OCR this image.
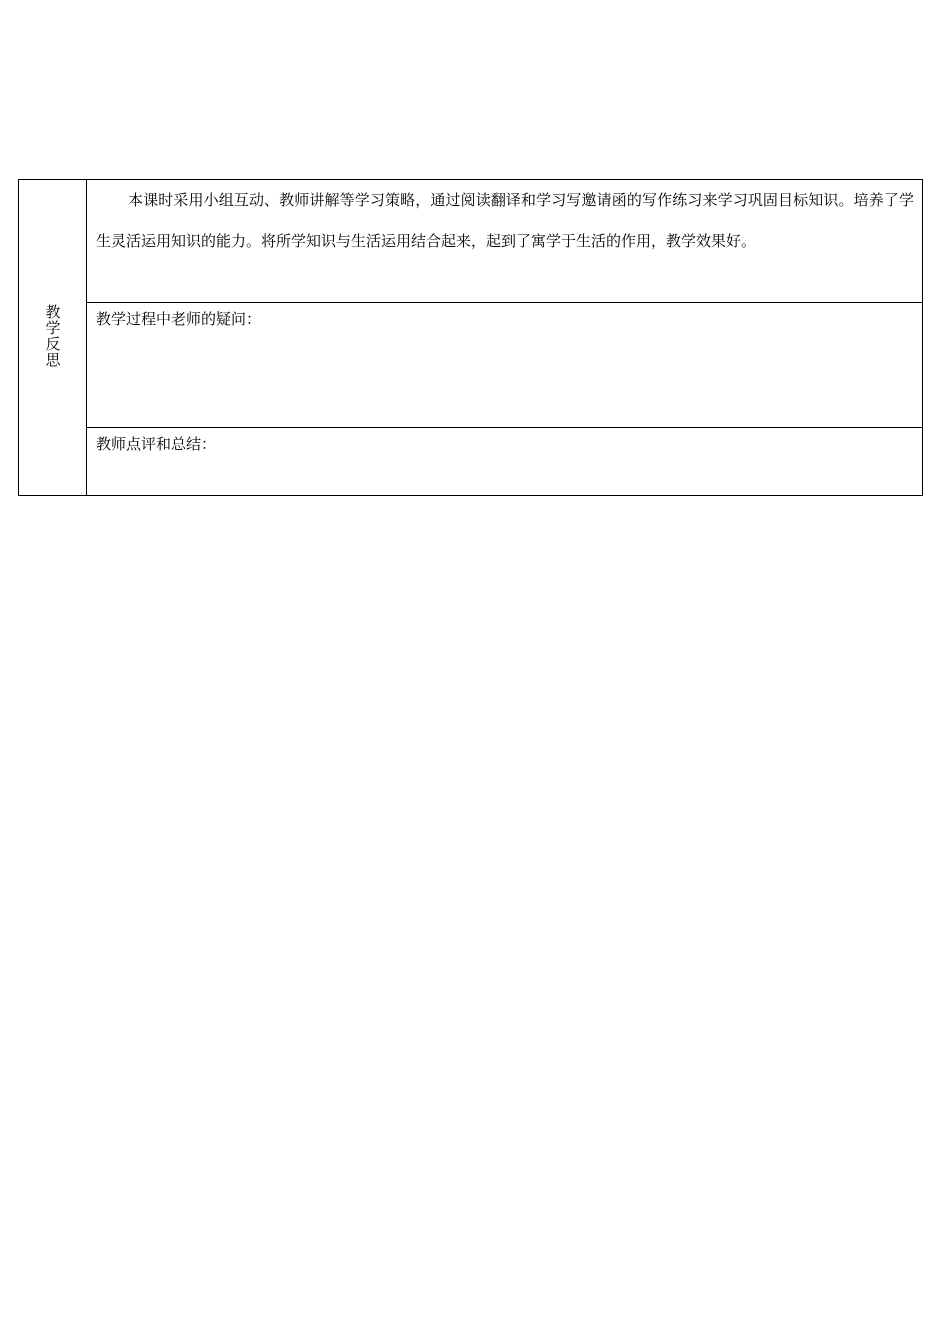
教学反思	

本课时采用小组互动、教师讲解等学习策略，通过阅读翻译和学习写邀请函的写作练习来学习巩固目标知识。培养了学生灵活运用知识的能力。将所学知识与生活运用结合起来，起到了寓学于生活的作用，教学效果好。

教学过程中老师的疑问：

教师点评和总结：
